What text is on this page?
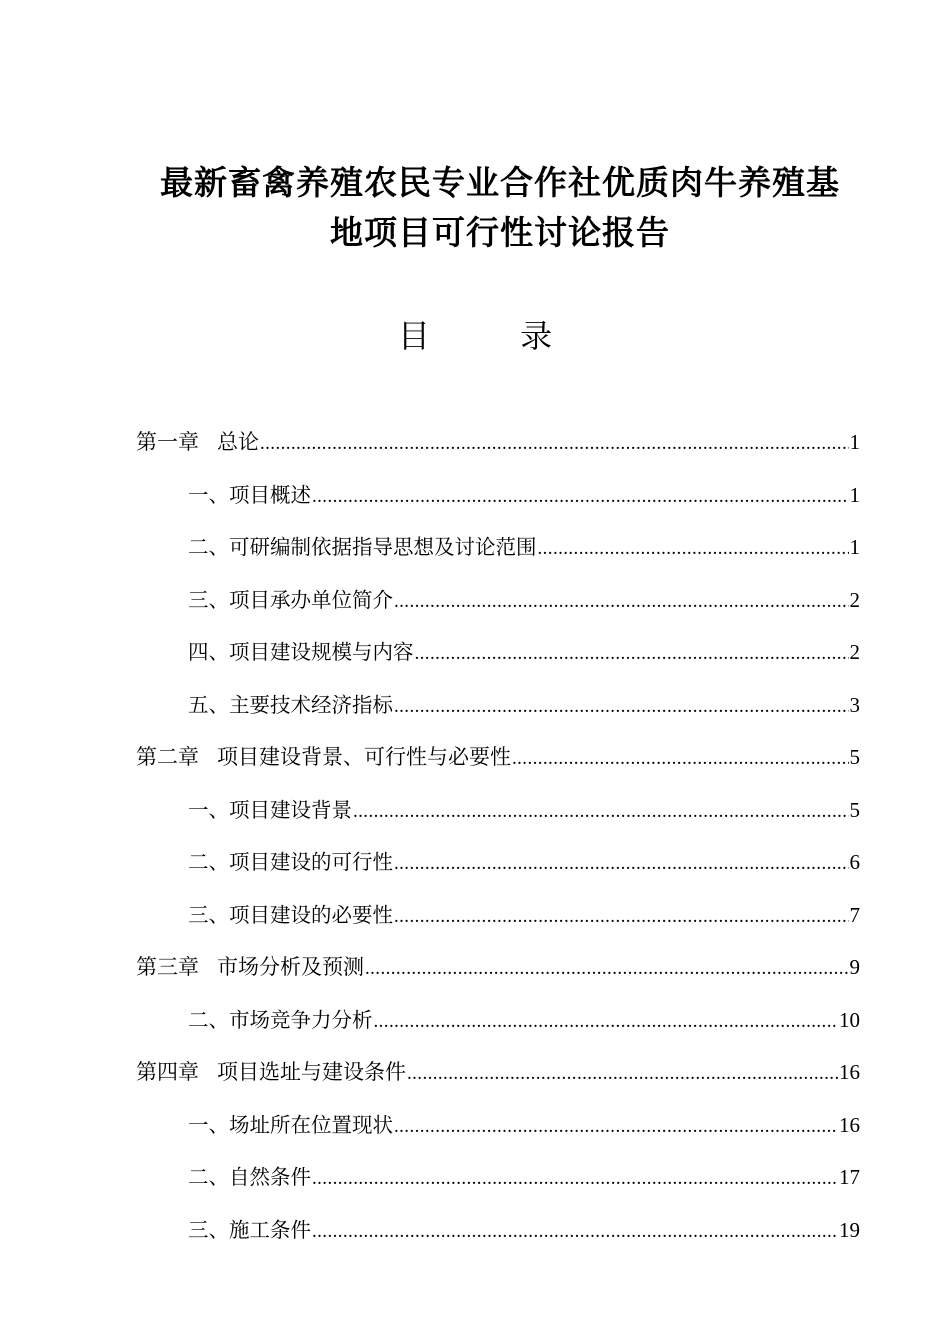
最新畜禽养殖农民专业合作社优质肉牛养殖基
地项目可行性讨论报告
目 录
第一章 总论 .....	1
一、项目概述 .....	1
二、可研编制依据指导思想及讨论范围 .....	1
三、项目承办单位简介 .....	2
四、项目建设规模与内容 .....	2
五、主要技术经济指标 .....	3
第二章 项目建设背景、可行性与必要性 .....	5
一、项目建设背景 .....	5
二、项目建设的可行性 .....	6
三、项目建设的必要性 .....	7
第三章 市场分析及预测 .....	9
二、市场竞争力分析 .....	10
第四章 项目选址与建设条件 .....	16
一、场址所在位置现状 .....	16
二、自然条件 .....	17
三、施工条件 .....	19
